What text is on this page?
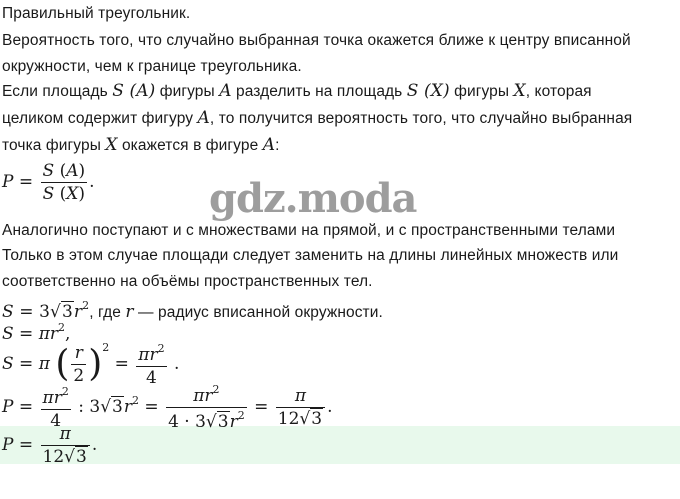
gdz.moda
Правильный треугольник.
Вероятность того, что случайно выбранная точка окажется ближе к центру вписанной
окружности, чем к границе треугольника.
Если площадь S (A) фигуры A разделить на площадь S (X) фигуры X, которая
целиком содержит фигуру A, то получится вероятность того, что случайно выбранная
точка фигуры X окажется в фигуре A:
$P = \frac{S (A)}{S (X)}$ .
Аналогично поступают и с множествами на прямой, и с пространственными телами
Только в этом случае площади следует заменить на длины линейных множеств или
соответственно на объёмы пространственных тел.
$S = 3√3r^2$, где r — радиус вписанной окружности.
$S = \pi r^2$,
S = π ( $\frac{r}{2} )^2 = \frac{\pi r^2}{4}$ .
$P = \frac{\pi r^2}{4}$ : $3√3r^2 = \frac{\pi r^2}{4 \cdot 3√3r^2} = \frac{\pi}{12√3}$ .
$P = \frac{\pi}{12√3}$ .
